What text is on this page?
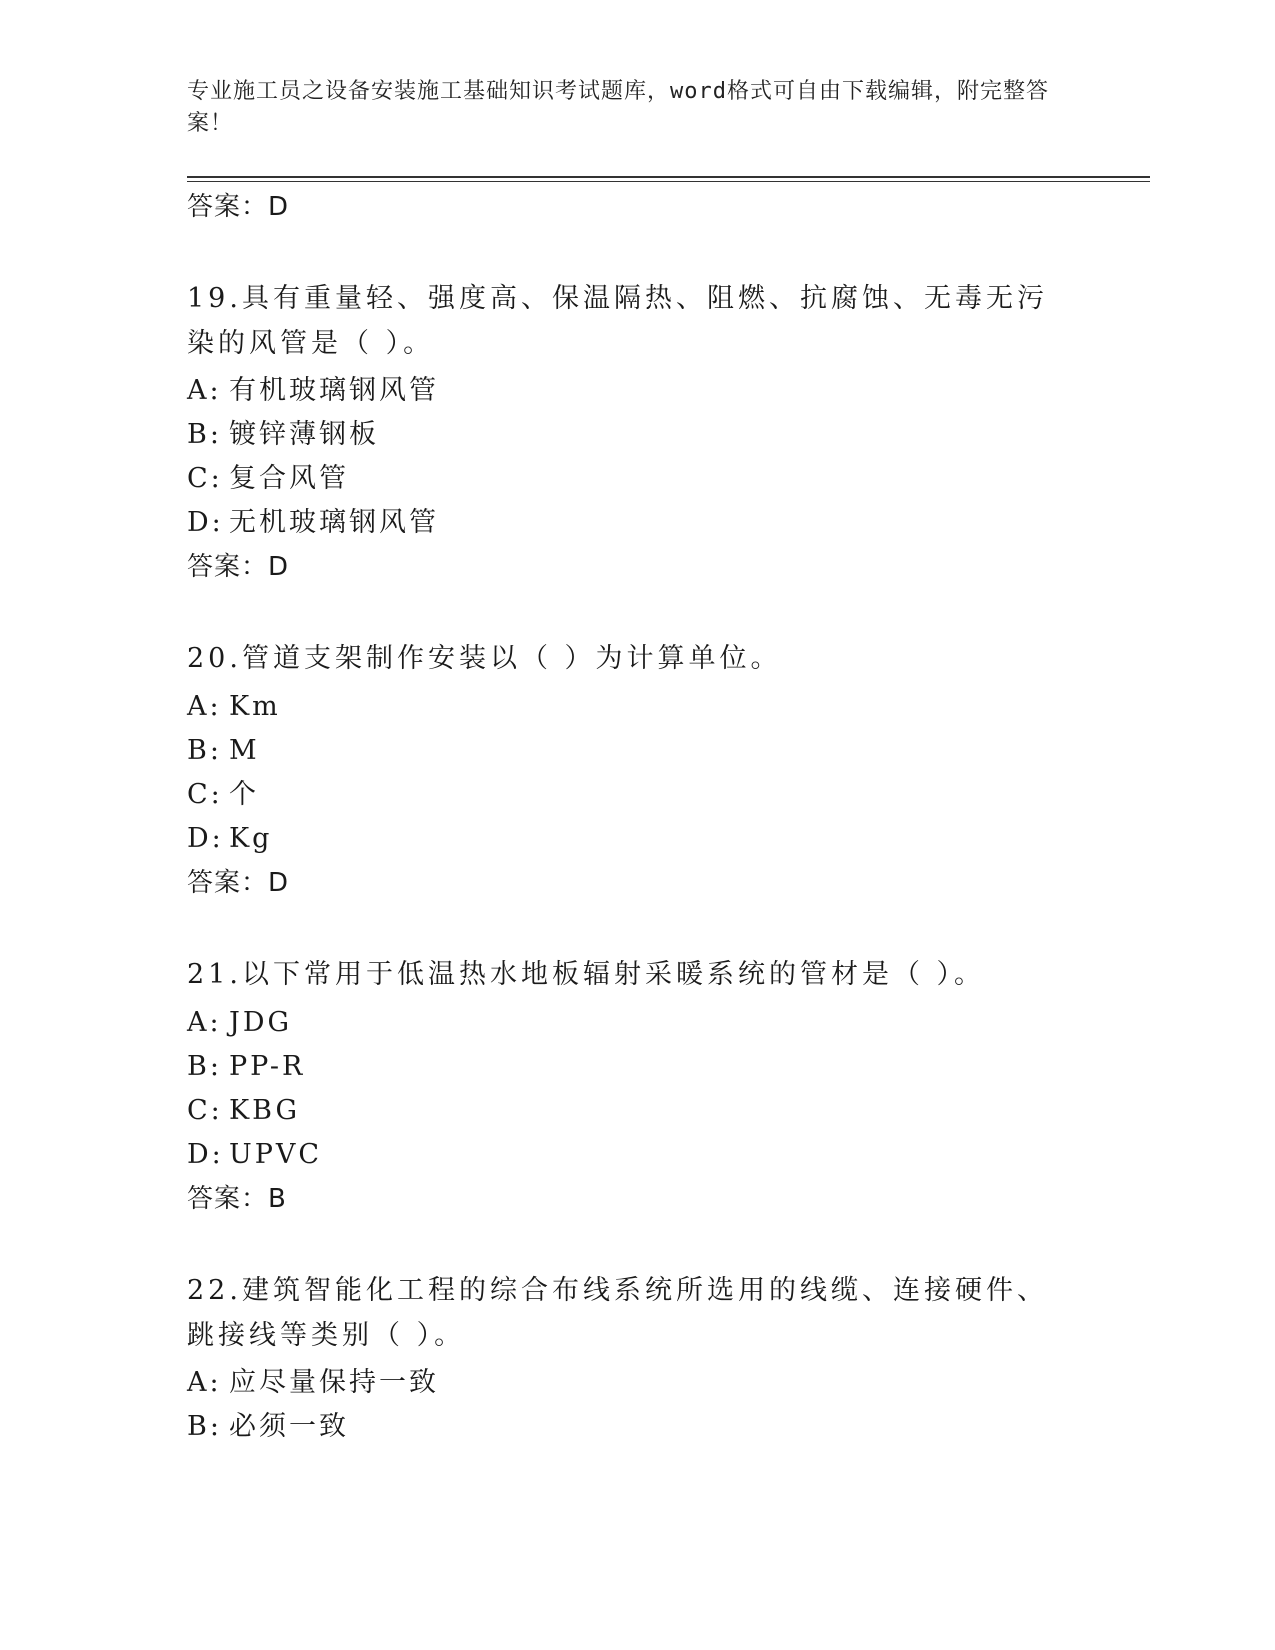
专业施工员之设备安装施工基础知识考试题库，word格式可自由下载编辑，附完整答案！
答案：D
19.具有重量轻、强度高、保温隔热、阻燃、抗腐蚀、无毒无污染的风管是（ ）。
A: 有机玻璃钢风管
B: 镀锌薄钢板
C: 复合风管
D: 无机玻璃钢风管
答案：D
20.管道支架制作安装以（ ）为计算单位。
A: Km
B: M
C: 个
D: Kg
答案：D
21.以下常用于低温热水地板辐射采暖系统的管材是（ ）。
A: JDG
B: PP-R
C: KBG
D: UPVC
答案：B
22.建筑智能化工程的综合布线系统所选用的线缆、连接硬件、跳接线等类别（ ）。
A: 应尽量保持一致
B: 必须一致
